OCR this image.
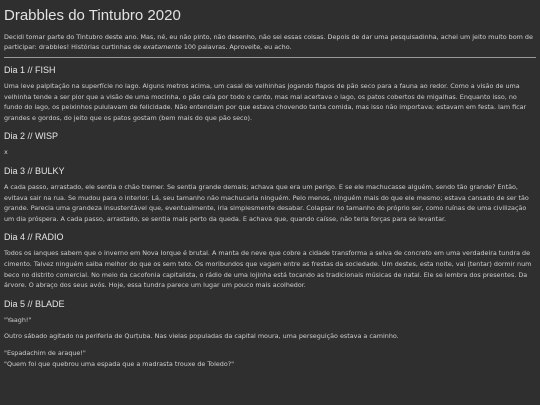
Drabbles do Tintubro 2020

Decidi tomar parte do Tintubro deste ano. Mas, né, eu não pinto, não desenho, não sei essas coisas. Depois de dar uma pesquisadinha, achei um jeito muito bom de participar: drabbles! Histórias curtinhas de exatamente 100 palavras. Aproveite, eu acho.

Dia 1 // FISH

Uma leve palpitação na superfície no lago. Alguns metros acima, um casal de velhinhas jogando fiapos de pão seco para a fauna ao redor. Como a visão de uma velhinha tende a ser pior que a visão de uma mocinha, o pão caía por todo o canto, mas mal acertava o lago, os patos cobertos de migalhas. Enquanto isso, no fundo do lago, os peixinhos pululavam de felicidade. Não entendiam por que estava chovendo tanta comida, mas isso não importava; estavam em festa. Iam ficar grandes e gordos, do jeito que os patos gostam (bem mais do que pão seco).

Dia 2 // WISP

x

Dia 3 // BULKY

A cada passo, arrastado, ele sentia o chão tremer. Se sentia grande demais; achava que era um perigo. E se ele machucasse alguém, sendo tão grande? Então, evitava sair na rua. Se mudou para o interior. Lá, seu tamanho não machucaria ninguém. Pelo menos, ninguém mais do que ele mesmo; estava cansado de ser tão grande. Parecia uma grandeza insustentável que, eventualmente, iria simplesmente desabar. Colapsar no tamanho do próprio ser, como ruínas de uma civilização um dia próspera. A cada passo, arrastado, se sentia mais perto da queda. E achava que, quando caísse, não teria forças para se levantar.

Dia 4 // RADIO

Todos os ianques sabem que o inverno em Nova Iorque é brutal. A manta de neve que cobre a cidade transforma a selva de concreto em uma verdadeira tundra de cimento. Talvez ninguém saiba melhor do que os sem teto. Os moribundos que vagam entre as frestas da sociedade. Um destes, esta noite, vai (tentar) dormir num beco no distrito comercial. No meio da cacofonia capitalista, o rádio de uma lojinha está tocando as tradicionais músicas de natal. Ele se lembra dos presentes. Da árvore. O abraço dos seus avós. Hoje, essa tundra parece um lugar um pouco mais acolhedor.

Dia 5 // BLADE

"Yaagh!"

Outro sábado agitado na periferia de Qurṭuba. Nas vielas populadas da capital moura, uma perseguição estava a caminho.

"Espadachim de araque!"

"Quem foi que quebrou uma espada que a madrasta trouxe de Toledo?"
